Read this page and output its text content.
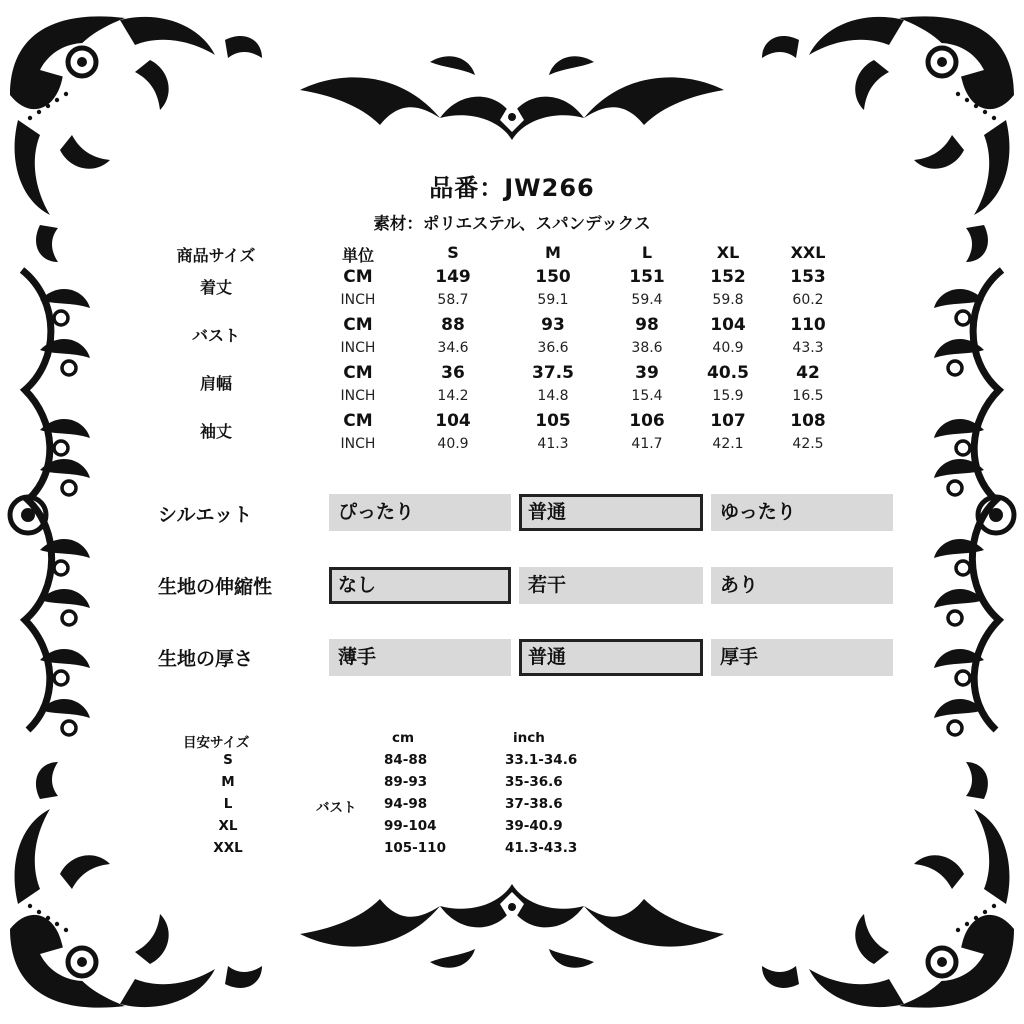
品番：JW266
素材：ポリエステル、スパンデックス
商品サイズ	単位	S	M	L	XL	XXL
着丈
CM	149	150	151	152	153
INCH	58.7	59.1	59.4	59.8	60.2
バスト
CM	88	93	98	104	110
INCH	34.6	36.6	38.6	40.9	43.3
肩幅
CM	36	37.5	39	40.5	42
INCH	14.2	14.8	15.4	15.9	16.5
袖丈
CM	104	105	106	107	108
INCH	40.9	41.3	41.7	42.1	42.5
シルエット	ぴったり	普通	ゆったり
生地の伸縮性	なし	若干	あり
生地の厚さ	薄手	普通	厚手
目安サイズ	cm	inch
バスト
S	84-88	33.1-34.6
M	89-93	35-36.6
L	94-98	37-38.6
XL	99-104	39-40.9
XXL	105-110	41.3-43.3
